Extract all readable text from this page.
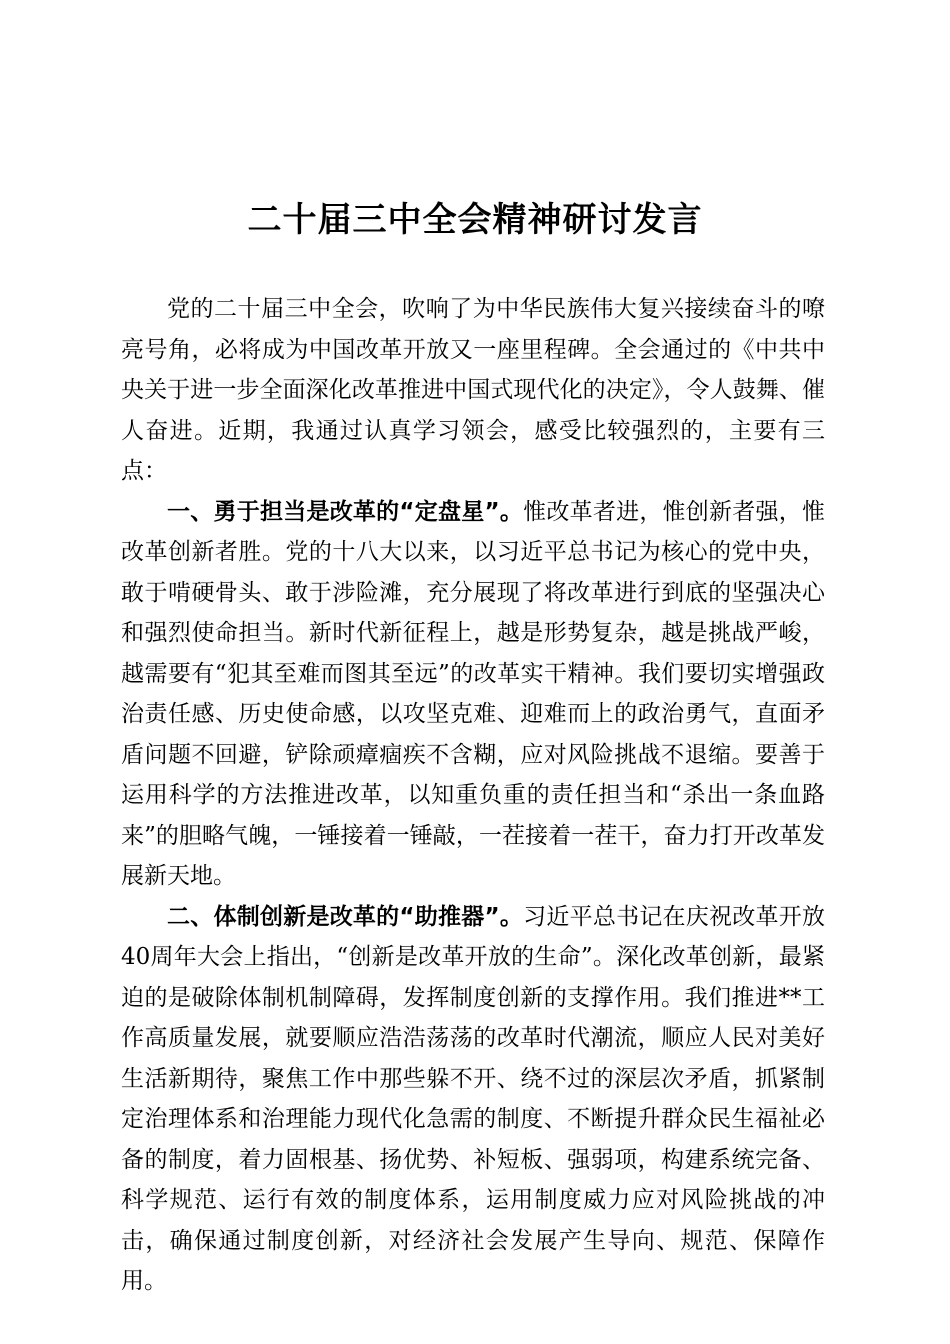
二十届三中全会精神研讨发言

党的二十届三中全会，吹响了为中华民族伟大复兴接续奋斗的嘹亮号角，必将成为中国改革开放又一座里程碑。全会通过的《中共中央关于进一步全面深化改革推进中国式现代化的决定》，令人鼓舞、催人奋进。近期，我通过认真学习领会，感受比较强烈的，主要有三点：

一、勇于担当是改革的“定盘星”。惟改革者进，惟创新者强，惟改革创新者胜。党的十八大以来，以习近平总书记为核心的党中央，敢于啃硬骨头、敢于涉险滩，充分展现了将改革进行到底的坚强决心和强烈使命担当。新时代新征程上，越是形势复杂，越是挑战严峻，越需要有“犯其至难而图其至远”的改革实干精神。我们要切实增强政治责任感、历史使命感，以攻坚克难、迎难而上的政治勇气，直面矛盾问题不回避，铲除顽瘴痼疾不含糊，应对风险挑战不退缩。要善于运用科学的方法推进改革，以知重负重的责任担当和“杀出一条血路来”的胆略气魄，一锤接着一锤敲，一茬接着一茬干，奋力打开改革发展新天地。

二、体制创新是改革的“助推器”。习近平总书记在庆祝改革开放40周年大会上指出，“创新是改革开放的生命”。深化改革创新，最紧迫的是破除体制机制障碍，发挥制度创新的支撑作用。我们推进**工作高质量发展，就要顺应浩浩荡荡的改革时代潮流，顺应人民对美好生活新期待，聚焦工作中那些躲不开、绕不过的深层次矛盾，抓紧制定治理体系和治理能力现代化急需的制度、不断提升群众民生福祉必备的制度，着力固根基、扬优势、补短板、强弱项，构建系统完备、科学规范、运行有效的制度体系，运用制度威力应对风险挑战的冲击，确保通过制度创新，对经济社会发展产生导向、规范、保障作用。
